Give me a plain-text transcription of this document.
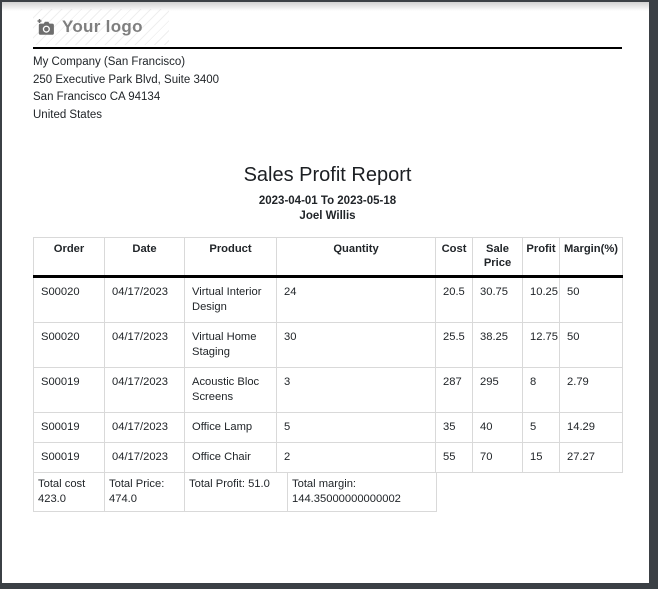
Your logo
My Company (San Francisco)
250 Executive Park Blvd, Suite 3400
San Francisco CA 94134
United States
Sales Profit Report
2023-04-01 To 2023-05-18
Joel Willis
Order	Date	Product	Quantity	Cost	Sale Price	Profit	Margin(%)
S00020	04/17/2023	Virtual Interior Design	24	20.5	30.75	10.25	50
S00020	04/17/2023	Virtual Home Staging	30	25.5	38.25	12.75	50
S00019	04/17/2023	Acoustic Bloc Screens	3	287	295	8	2.79
S00019	04/17/2023	Office Lamp	5	35	40	5	14.29
S00019	04/17/2023	Office Chair	2	55	70	15	27.27
Total cost 423.0	Total Price: 474.0	Total Profit: 51.0	Total margin: 144.35000000000002
